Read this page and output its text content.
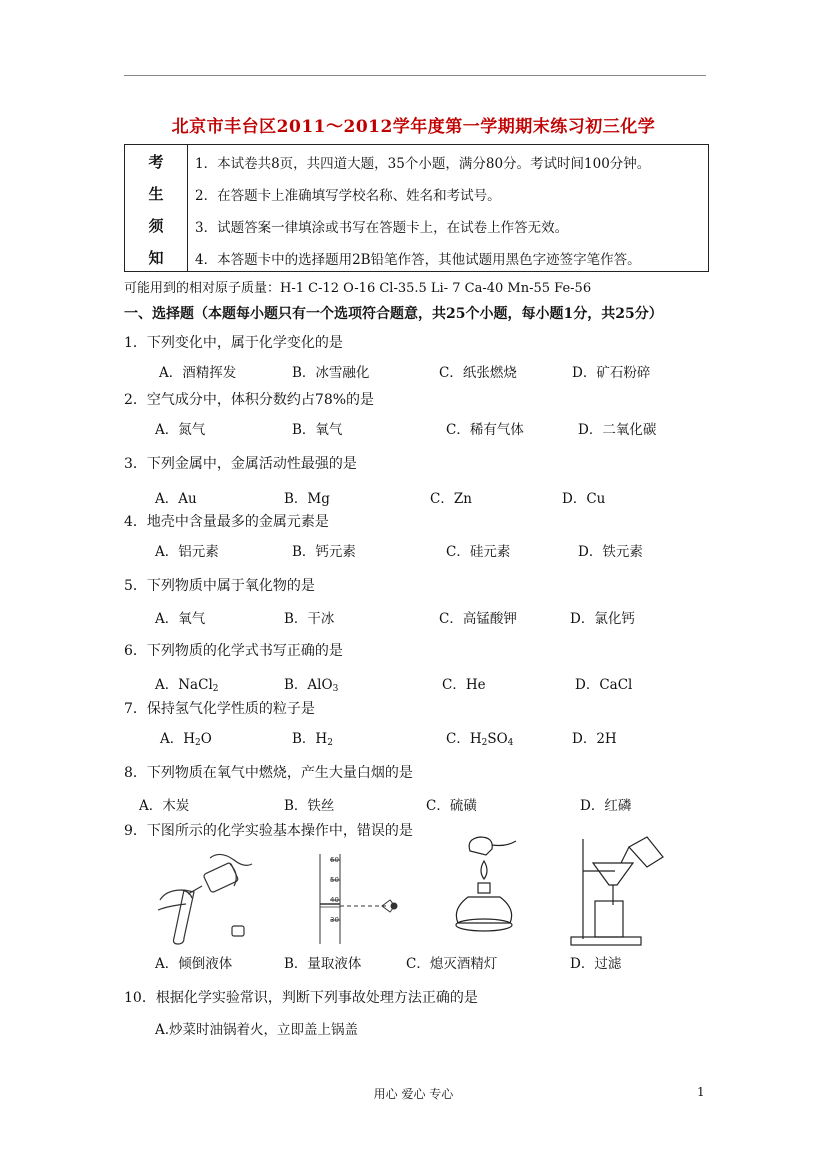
北京市丰台区2011～2012学年度第一学期期末练习初三化学
考
生
须
知
1．本试卷共8页，共四道大题，35个小题，满分80分。考试时间100分钟。
2．在答题卡上准确填写学校名称、姓名和考试号。
3．试题答案一律填涂或书写在答题卡上，在试卷上作答无效。
4．本答题卡中的选择题用2B铅笔作答，其他试题用黑色字迹签字笔作答。
可能用到的相对原子质量：H-1 C-12 O-16 Cl-35.5 Li- 7 Ca-40 Mn-55 Fe-56
一、选择题（本题每小题只有一个选项符合题意，共25个小题，每小题1分，共25分）
1．下列变化中，属于化学变化的是
A．酒精挥发	B．冰雪融化	C．纸张燃烧	D．矿石粉碎
2．空气成分中，体积分数约占78%的是
A．氮气	B．氧气	C．稀有气体	D．二氧化碳
3．下列金属中，金属活动性最强的是
A．Au	B．Mg	C．Zn	D．Cu
4．地壳中含量最多的金属元素是
A．铝元素	B．钙元素	C．硅元素	D．铁元素
5．下列物质中属于氧化物的是
A．氧气	B．干冰	C．高锰酸钾	D．氯化钙
6．下列物质的化学式书写正确的是
A．NaCl$_2$	B．AlO$_3$	C．He	D．CaCl
7．保持氢气化学性质的粒子是
A．$H_2O$	B．$H_2$	C．$H_2SO_4$	D．2H
8．下列物质在氧气中燃烧，产生大量白烟的是
A．木炭	B．铁丝	C．硫磺	D．红磷
9．下图所示的化学实验基本操作中，错误的是
60
50
40
30
A．倾倒液体	B．量取液体	C．熄灭酒精灯	D．过滤
10．根据化学实验常识，判断下列事故处理方法正确的是
A.炒菜时油锅着火，立即盖上锅盖
用心 爱心 专心	1
